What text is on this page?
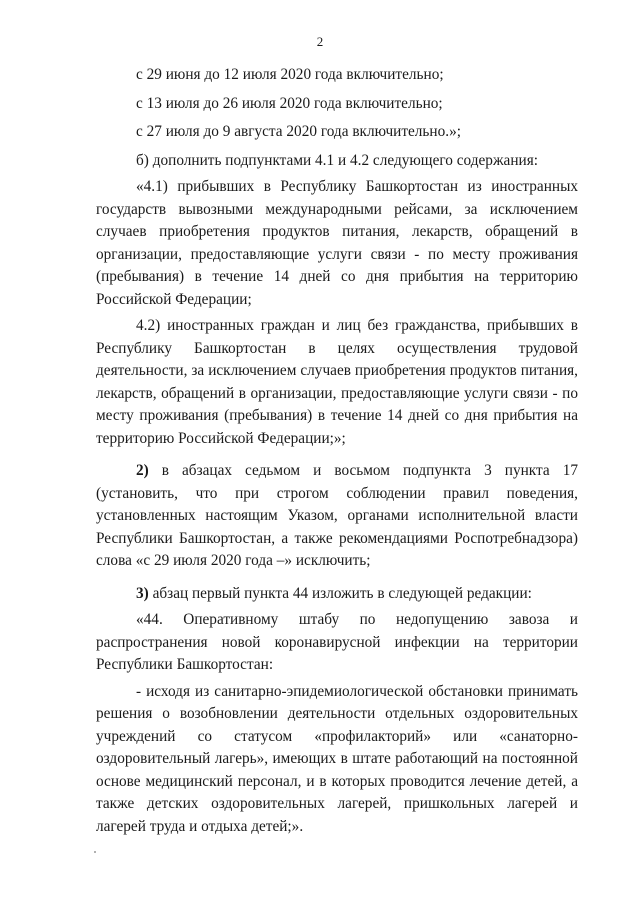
2

с 29 июня до 12 июля 2020 года включительно;

с 13 июля до 26 июля 2020 года включительно;

с 27 июля до 9 августа 2020 года включительно.»;

б) дополнить подпунктами 4.1 и 4.2 следующего содержания:

«4.1) прибывших в Республику Башкортостан из иностранных государств вывозными международными рейсами, за исключением случаев приобретения продуктов питания, лекарств, обращений в организации, предоставляющие услуги связи - по месту проживания (пребывания) в течение 14 дней со дня прибытия на территорию Российской Федерации;

4.2) иностранных граждан и лиц без гражданства, прибывших в Республику Башкортостан в целях осуществления трудовой деятельности, за исключением случаев приобретения продуктов питания, лекарств, обращений в организации, предоставляющие услуги связи - по месту проживания (пребывания) в течение 14 дней со дня прибытия на территорию Российской Федерации;»;

2) в абзацах седьмом и восьмом подпункта 3 пункта 17 (установить, что при строгом соблюдении правил поведения, установленных настоящим Указом, органами исполнительной власти Республики Башкортостан, а также рекомендациями Роспотребнадзора) слова «с 29 июля 2020 года –» исключить;

3) абзац первый пункта 44 изложить в следующей редакции:

«44. Оперативному штабу по недопущению завоза и распространения новой коронавирусной инфекции на территории Республики Башкортостан:

- исходя из санитарно-эпидемиологической обстановки принимать решения о возобновлении деятельности отдельных оздоровительных учреждений со статусом «профилакторий» или «санаторно-оздоровительный лагерь», имеющих в штате работающий на постоянной основе медицинский персонал, и в которых проводится лечение детей, а также детских оздоровительных лагерей, пришкольных лагерей и лагерей труда и отдыха детей;».
